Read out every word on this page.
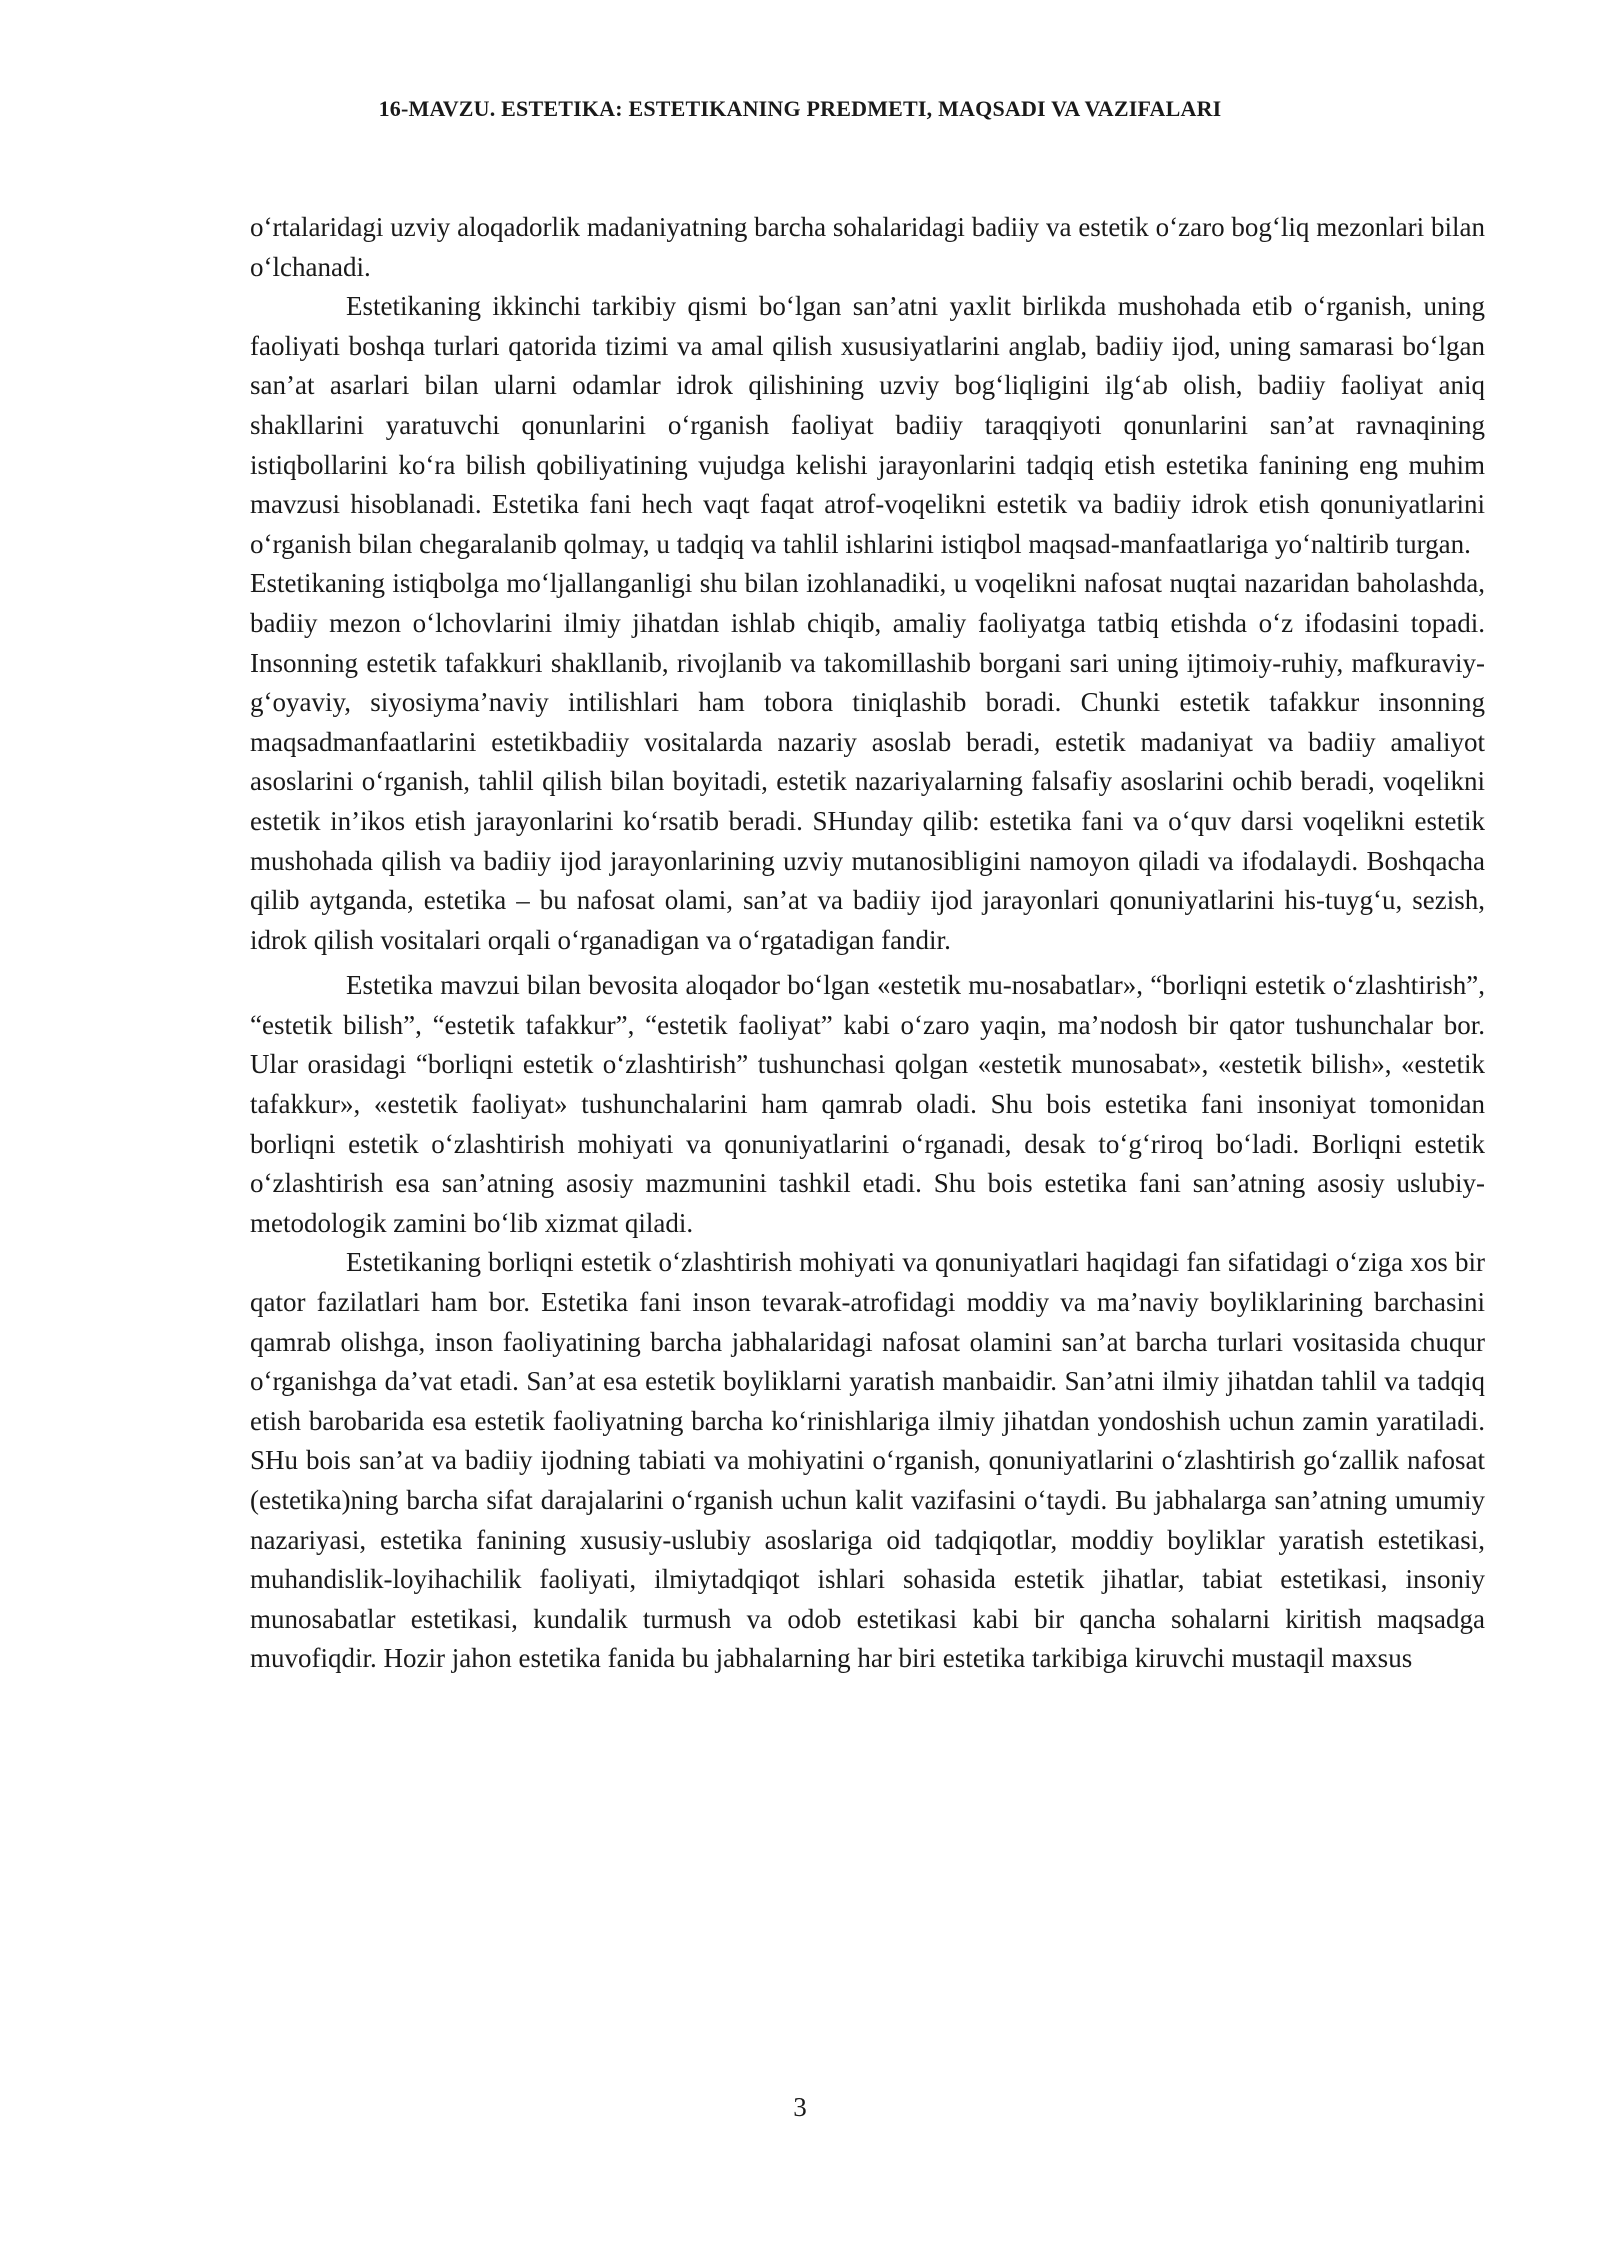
16-MAVZU. ESTETIKA: ESTETIKANING PREDMETI, MAQSADI VA VAZIFALARI

o‘rtalaridagi uzviy aloqadorlik madaniyatning barcha sohalaridagi badiiy va estetik o‘zaro bog‘liq mezonlari bilan o‘lchanadi.

Estetikaning ikkinchi tarkibiy qismi bo‘lgan san’atni yaxlit birlikda mushohada etib o‘rganish, uning faoliyati boshqa turlari qatorida tizimi va amal qilish xususiyatlarini anglab, badiiy ijod, uning samarasi bo‘lgan san’at asarlari bilan ularni odamlar idrok qilishining uzviy bog‘liqligini ilg‘ab olish, badiiy faoliyat aniq shakllarini yaratuvchi qonunlarini o‘rganish faoliyat badiiy taraqqiyoti qonunlarini san’at ravnaqining istiqbollarini ko‘ra bilish qobiliyatining vujudga kelishi jarayonlarini tadqiq etish estetika fanining eng muhim mavzusi hisoblanadi. Estetika fani hech vaqt faqat atrof-voqelikni estetik va badiiy idrok etish qonuniyatlarini o‘rganish bilan chegaralanib qolmay, u tadqiq va tahlil ishlarini istiqbol maqsad-manfaatlariga yo‘naltirib turgan.

Estetikaning istiqbolga mo‘ljallanganligi shu bilan izohlanadiki, u voqelikni nafosat nuqtai nazaridan baholashda, badiiy mezon o‘lchovlarini ilmiy jihatdan ishlab chiqib, amaliy faoliyatga tatbiq etishda o‘z ifodasini topadi. Insonning estetik tafakkuri shakllanib, rivojlanib va takomillashib borgani sari uning ijtimoiy-ruhiy, mafkuraviy-g‘oyaviy, siyosiyma’naviy intilishlari ham tobora tiniqlashib boradi. Chunki estetik tafakkur insonning maqsadmanfaatlarini estetikbadiiy vositalarda nazariy asoslab beradi, estetik madaniyat va badiiy amaliyot asoslarini o‘rganish, tahlil qilish bilan boyitadi, estetik nazariyalarning falsafiy asoslarini ochib beradi, voqelikni estetik in’ikos etish jarayonlarini ko‘rsatib beradi. SHunday qilib: estetika fani va o‘quv darsi voqelikni estetik mushohada qilish va badiiy ijod jarayonlarining uzviy mutanosibligini namoyon qiladi va ifodalaydi. Boshqacha qilib aytganda, estetika – bu nafosat olami, san’at va badiiy ijod jarayonlari qonuniyatlarini his-tuyg‘u, sezish, idrok qilish vositalari orqali o‘rganadigan va o‘rgatadigan fandir.

Estetika mavzui bilan bevosita aloqador bo‘lgan «estetik mu-nosabatlar», “borliqni estetik o‘zlashtirish”, “estetik bilish”, “estetik tafakkur”, “estetik faoliyat” kabi o‘zaro yaqin, ma’nodosh bir qator tushunchalar bor. Ular orasidagi “borliqni estetik o‘zlashtirish” tushunchasi qolgan «estetik munosabat», «estetik bilish», «estetik tafakkur», «estetik faoliyat» tushunchalarini ham qamrab oladi. Shu bois estetika fani insoniyat tomonidan borliqni estetik o‘zlashtirish mohiyati va qonuniyatlarini o‘rganadi, desak to‘g‘riroq bo‘ladi. Borliqni estetik o‘zlashtirish esa san’atning asosiy mazmunini tashkil etadi. Shu bois estetika fani san’atning asosiy uslubiy-metodologik zamini bo‘lib xizmat qiladi.

Estetikaning borliqni estetik o‘zlashtirish mohiyati va qonuniyatlari haqidagi fan sifatidagi o‘ziga xos bir qator fazilatlari ham bor. Estetika fani inson tevarak-atrofidagi moddiy va ma’naviy boyliklarining barchasini qamrab olishga, inson faoliyatining barcha jabhalaridagi nafosat olamini san’at barcha turlari vositasida chuqur o‘rganishga da’vat etadi. San’at esa estetik boyliklarni yaratish manbaidir. San’atni ilmiy jihatdan tahlil va tadqiq etish barobarida esa estetik faoliyatning barcha ko‘rinishlariga ilmiy jihatdan yondoshish uchun zamin yaratiladi. SHu bois san’at va badiiy ijodning tabiati va mohiyatini o‘rganish, qonuniyatlarini o‘zlashtirish go‘zallik nafosat (estetika)ning barcha sifat darajalarini o‘rganish uchun kalit vazifasini o‘taydi. Bu jabhalarga san’atning umumiy nazariyasi, estetika fanining xususiy-uslubiy asoslariga oid tadqiqotlar, moddiy boyliklar yaratish estetikasi, muhandislik-loyihachilik faoliyati, ilmiytadqiqot ishlari sohasida estetik jihatlar, tabiat estetikasi, insoniy munosabatlar estetikasi, kundalik turmush va odob estetikasi kabi bir qancha sohalarni kiritish maqsadga muvofiqdir. Hozir jahon estetika fanida bu jabhalarning har biri estetika tarkibiga kiruvchi mustaqil maxsus

3
